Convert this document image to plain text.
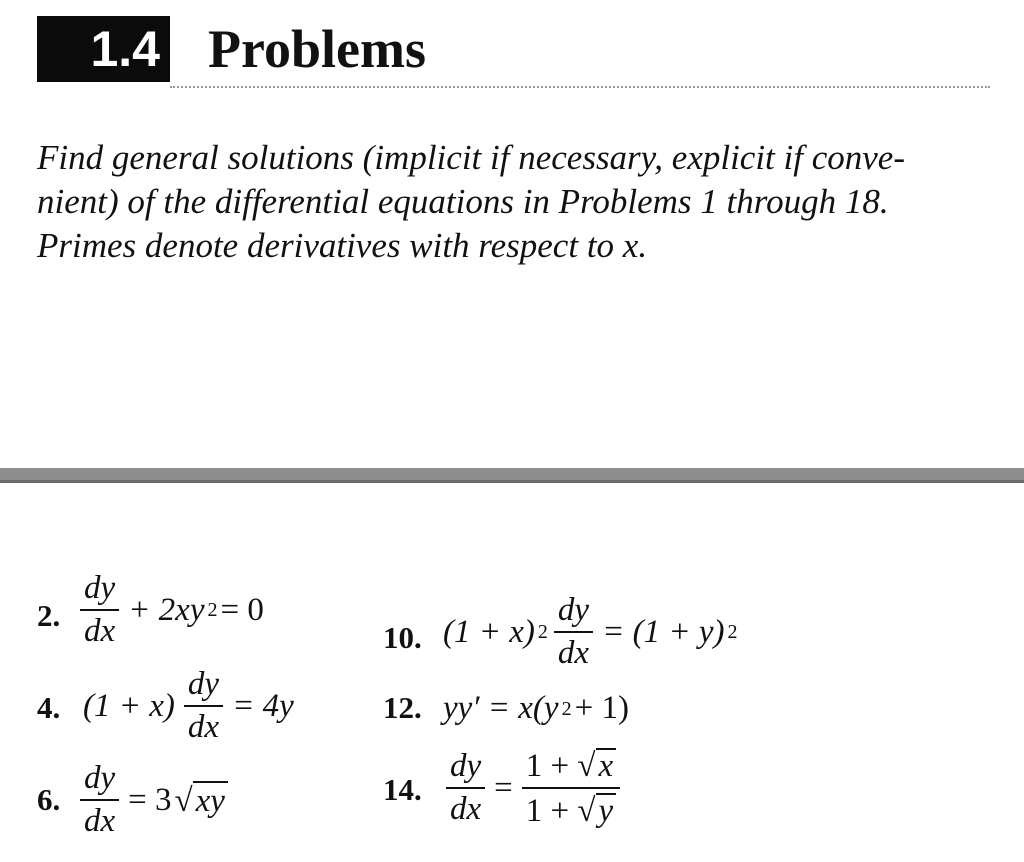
1.4 Problems
Find general solutions (implicit if necessary, explicit if conve-
nient) of the differential equations in Problems 1 through 18.
Primes denote derivatives with respect to x.
2. $\frac{dy}{dx} + 2xy$ 2 = 0
4. $(1 + x) \frac{dy}{dx} = 4y$
6. $\frac{dy}{dx} = 3$ √ xy
10. (1 + x) $2 \frac{dy}{dx} = (1 + y)$ 2
12. yy′ = x(y 2 + 1)
14. $\frac{dy}{dx} = \frac{1 + √ x}{1 + √ y}$
